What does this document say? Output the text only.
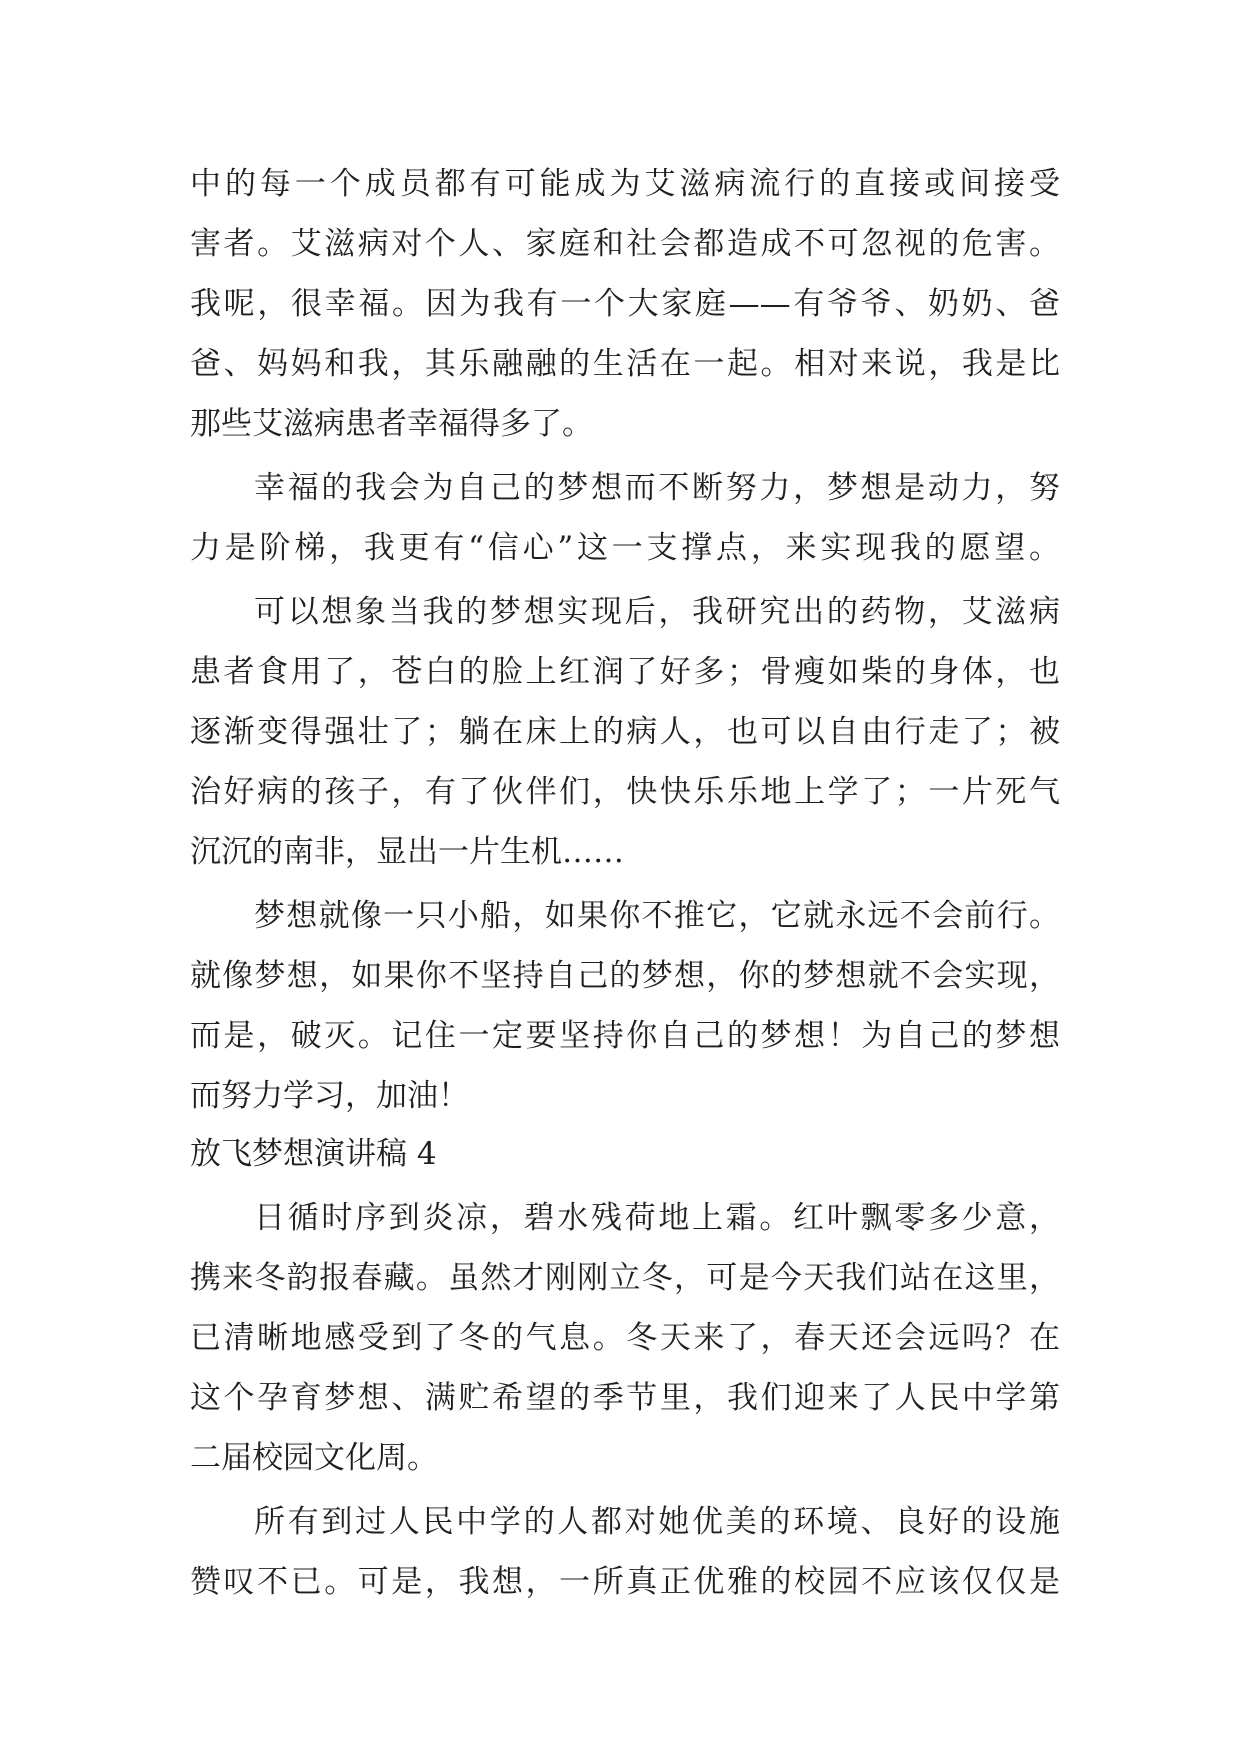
中的每一个成员都有可能成为艾滋病流行的直接或间接受
害者。艾滋病对个人、家庭和社会都造成不可忽视的危害。
我呢，很幸福。因为我有一个大家庭——有爷爷、奶奶、爸
爸、妈妈和我，其乐融融的生活在一起。相对来说，我是比
那些艾滋病患者幸福得多了。
幸福的我会为自己的梦想而不断努力，梦想是动力，努
力是阶梯，我更有“信心”这一支撑点，来实现我的愿望。
可以想象当我的梦想实现后，我研究出的药物，艾滋病
患者食用了，苍白的脸上红润了好多；骨瘦如柴的身体，也
逐渐变得强壮了；躺在床上的病人，也可以自由行走了；被
治好病的孩子，有了伙伴们，快快乐乐地上学了；一片死气
沉沉的南非，显出一片生机……
梦想就像一只小船，如果你不推它，它就永远不会前行。
就像梦想，如果你不坚持自己的梦想，你的梦想就不会实现，
而是，破灭。记住一定要坚持你自己的梦想！为自己的梦想
而努力学习，加油！
放飞梦想演讲稿 4
日循时序到炎凉，碧水残荷地上霜。红叶飘零多少意，
携来冬韵报春藏。虽然才刚刚立冬，可是今天我们站在这里，
已清晰地感受到了冬的气息。冬天来了，春天还会远吗？在
这个孕育梦想、满贮希望的季节里，我们迎来了人民中学第
二届校园文化周。
所有到过人民中学的人都对她优美的环境、良好的设施
赞叹不已。可是，我想，一所真正优雅的校园不应该仅仅是
